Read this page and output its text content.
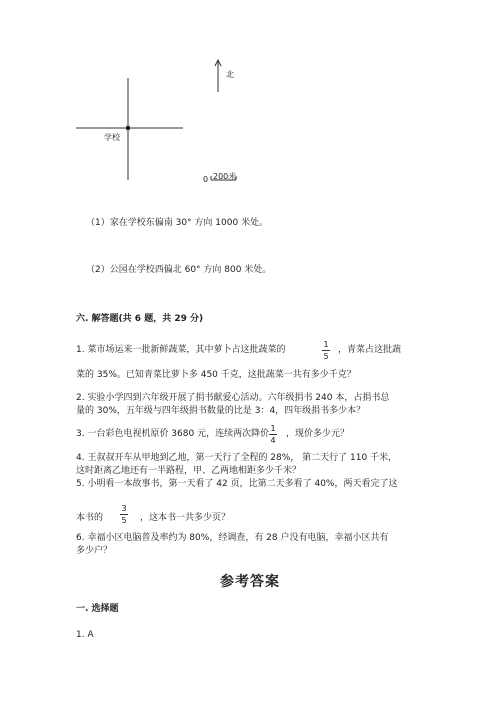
北
学校
0 200米
（1）家在学校东偏南 30° 方向 1000 米处。
（2）公园在学校西偏北 60° 方向 800 米处。
六. 解答题(共 6 题，共 29 分)
1. 菜市场运来一批新鲜蔬菜，其中萝卜占这批蔬菜的
1
5
，青菜占这批蔬
菜的 35%。已知青菜比萝卜多 450 千克，这批蔬菜一共有多少千克？
2. 实验小学四到六年级开展了捐书献爱心活动。六年级捐书 240 本，占捐书总
量的 30%，五年级与四年级捐书数量的比是 3：4，四年级捐书多少本？
3. 一台彩色电视机原价 3680 元，连续两次降价
1
4
，现价多少元？
4. 王叔叔开车从甲地到乙地，第一天行了全程的 28%， 第二天行了 110 千米，
这时距离乙地还有一半路程，甲、乙两地相距多少千米？
5. 小明看一本故事书，第一天看了 42 页，比第二天多看了 40%，两天看完了这
本书的
3
5 ，这本书一共多少页？
6. 幸福小区电脑普及率约为 80%，经调查，有 28 户没有电脑，幸福小区共有
多少户？
参考答案
一. 选择题
1. A
